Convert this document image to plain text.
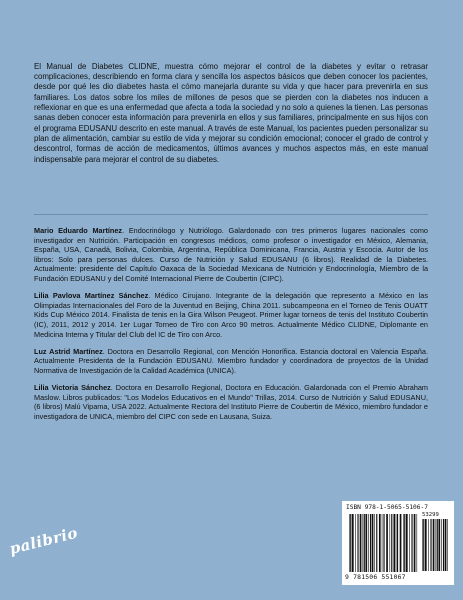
El Manual de Diabetes CLIDNE, muestra cómo mejorar el control de la diabetes y evitar o retrasar complicaciones, describiendo en forma clara y sencilla los aspectos básicos que deben conocer los pacientes, desde por qué les dio diabetes hasta el cómo manejarla durante su vida y que hacer para prevenirla en sus familiares. Los datos sobre los miles de millones de pesos que se pierden con la diabetes nos inducen a reflexionar en que es una enfermedad que afecta a toda la sociedad y no solo a quienes la tienen. Las personas sanas deben conocer esta información para prevenirla en ellos y sus familiares, principalmente en sus hijos con el programa EDUSANU descrito en este manual. A través de este Manual, los pacientes pueden personalizar su plan de alimentación, cambiar su estilo de vida y mejorar su condición emocional; conocer el grado de control y descontrol, formas de acción de medicamentos, últimos avances y muchos aspectos más, en este manual indispensable para mejorar el control de su diabetes.

Mario Eduardo Martínez. Endocrinólogo y Nutriólogo. Galardonado con tres primeros lugares nacionales como investigador en Nutrición. Participación en congresos médicos, como profesor o investigador en México, Alemania, España, USA, Canadá, Bolivia, Colombia, Argentina, República Dominicana, Francia, Austria y Escocia. Autor de los libros: Solo para personas dulces. Curso de Nutrición y Salud EDUSANU (6 libros). Realidad de la Diabetes. Actualmente: presidente del Capítulo Oaxaca de la Sociedad Mexicana de Nutrición y Endocrinología, Miembro de la Fundación EDUSANU y del Comité Internacional Pierre de Coubertin (CIPC).

Lilia Pavlova Martínez Sánchez. Médico Cirujano. Integrante de la delegación que represento a México en las Olimpiadas Internacionales del Foro de la Juventud en Beijing, China 2011. subcampeona en el Torneo de Tenis OUATT Kids Cup México 2014. Finalista de tenis en la Gira Wilson Peugeot. Primer lugar torneos de tenis del Instituto Coubertin (IC), 2011, 2012 y 2014. 1er Lugar Torneo de Tiro con Arco 90 metros. Actualmente Médico CLIDNE, Diplomante en Medicina Interna y Titular del Club del IC de Tiro con Arco.

Luz Astrid Martínez. Doctora en Desarrollo Regional, con Mención Honorífica. Estancia doctoral en Valencia España. Actualmente Presidenta de la Fundación EDUSANU. Miembro fundador y coordinadora de proyectos de la Unidad Normativa de Investigación de la Calidad Académica (UNICA).

Lilia Victoria Sánchez. Doctora en Desarrollo Regional, Doctora en Educación. Galardonada con el Premio Abraham Maslow. Libros publicados: "Los Modelos Educativos en el Mundo" Trillas, 2014. Curso de Nutrición y Salud EDUSANU, (6 libros) Malú Vipama, USA 2022. Actualmente Rectora del Instituto Pierre de Coubertin de México, miembro fundador e investigadora de UNICA, miembro del CIPC con sede en Lausana, Suiza.

palibrio
ISBN 978-1-5065-5106-7
53299
9 781506 551067
